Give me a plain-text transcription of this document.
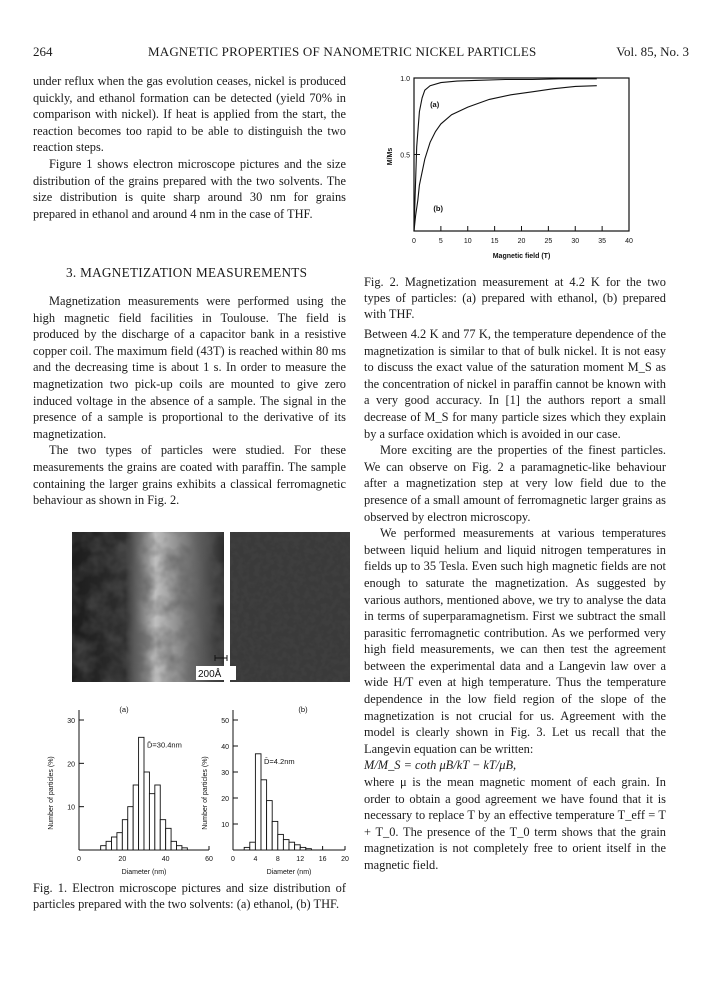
264	MAGNETIC PROPERTIES OF NANOMETRIC NICKEL PARTICLES	Vol. 85, No. 3

under reflux when the gas evolution ceases, nickel is produced quickly, and ethanol formation can be detected (yield 70% in comparison with nickel). If heat is applied from the start, the reaction becomes too rapid to be able to distinguish the two reaction steps.

Figure 1 shows electron microscope pictures and the size distribution of the grains prepared with the two solvents. The size distribution is quite sharp around 30 nm for grains prepared in ethanol and around 4 nm in the case of THF.

3. MAGNETIZATION MEASUREMENTS

Magnetization measurements were performed using the high magnetic field facilities in Toulouse. The field is produced by the discharge of a capacitor bank in a resistive copper coil. The maximum field (43T) is reached within 80 ms and the decreasing time is about 1 s. In order to measure the magnetization two pick-up coils are mounted to give zero induced voltage in the absence of a sample. The signal in the presence of a sample is proportional to the derivative of its magnetization.

The two types of particles were studied. For these measurements the grains are coated with paraffin. The sample containing the larger grains exhibits a classical ferromagnetic behaviour as shown in Fig. 2.

0	5	10	15	20	25	30	35	40
0.5
1.0
Magnetic field (T)
M/Ms
(a)
(b)
Fig. 2. Magnetization measurement at 4.2 K for the two types of particles: (a) prepared with ethanol, (b) prepared with THF.

Between 4.2 K and 77 K, the temperature dependence of the magnetization is similar to that of bulk nickel. It is not easy to discuss the exact value of the saturation moment M_S as the concentration of nickel in paraffin cannot be known with a very good accuracy. In [1] the authors report a small decrease of M_S for many particle sizes which they explain by a surface oxidation which is avoided in our case.

More exciting are the properties of the finest particles. We can observe on Fig. 2 a paramagnetic-like behaviour after a magnetization step at very low field due to the presence of a small amount of ferromagnetic larger grains as observed by electron microscopy.

We performed measurements at various temperatures between liquid helium and liquid nitrogen temperatures in fields up to 35 Tesla. Even such high magnetic fields are not enough to saturate the magnetization. As suggested by various authors, mentioned above, we try to analyse the data in terms of superparamagnetism. First we subtract the small parasitic ferromagnetic contribution. As we performed very high field measurements, we can then test the agreement between the experimental data and a Langevin law over a wide H/T even at high temperature. Thus the temperature dependence in the low field region of the slope of the magnetization is not crucial for us. Agreement with the model is clearly shown in Fig. 3. Let us recall that the Langevin equation can be written:

M/M_S = coth μB/kT − kT/μB,

where μ is the mean magnetic moment of each grain. In order to obtain a good agreement we have found that it is necessary to replace T by an effective temperature T_eff = T + T_0. The presence of the T_0 term shows that the grain magnetization is not completely free to orient itself in the magnetic field.

200Å
10
20
30
0	20	40	60
Diameter (nm)
Number of particles (%)
(a)
D̄=30.4nm
10
20
30
40
50
0	4	8 12 16 20
Diameter (nm)
Number of particles (%)
(b)
D̄=4.2nm
Fig. 1. Electron microscope pictures and size distribution of particles prepared with the two solvents: (a) ethanol, (b) THF.
